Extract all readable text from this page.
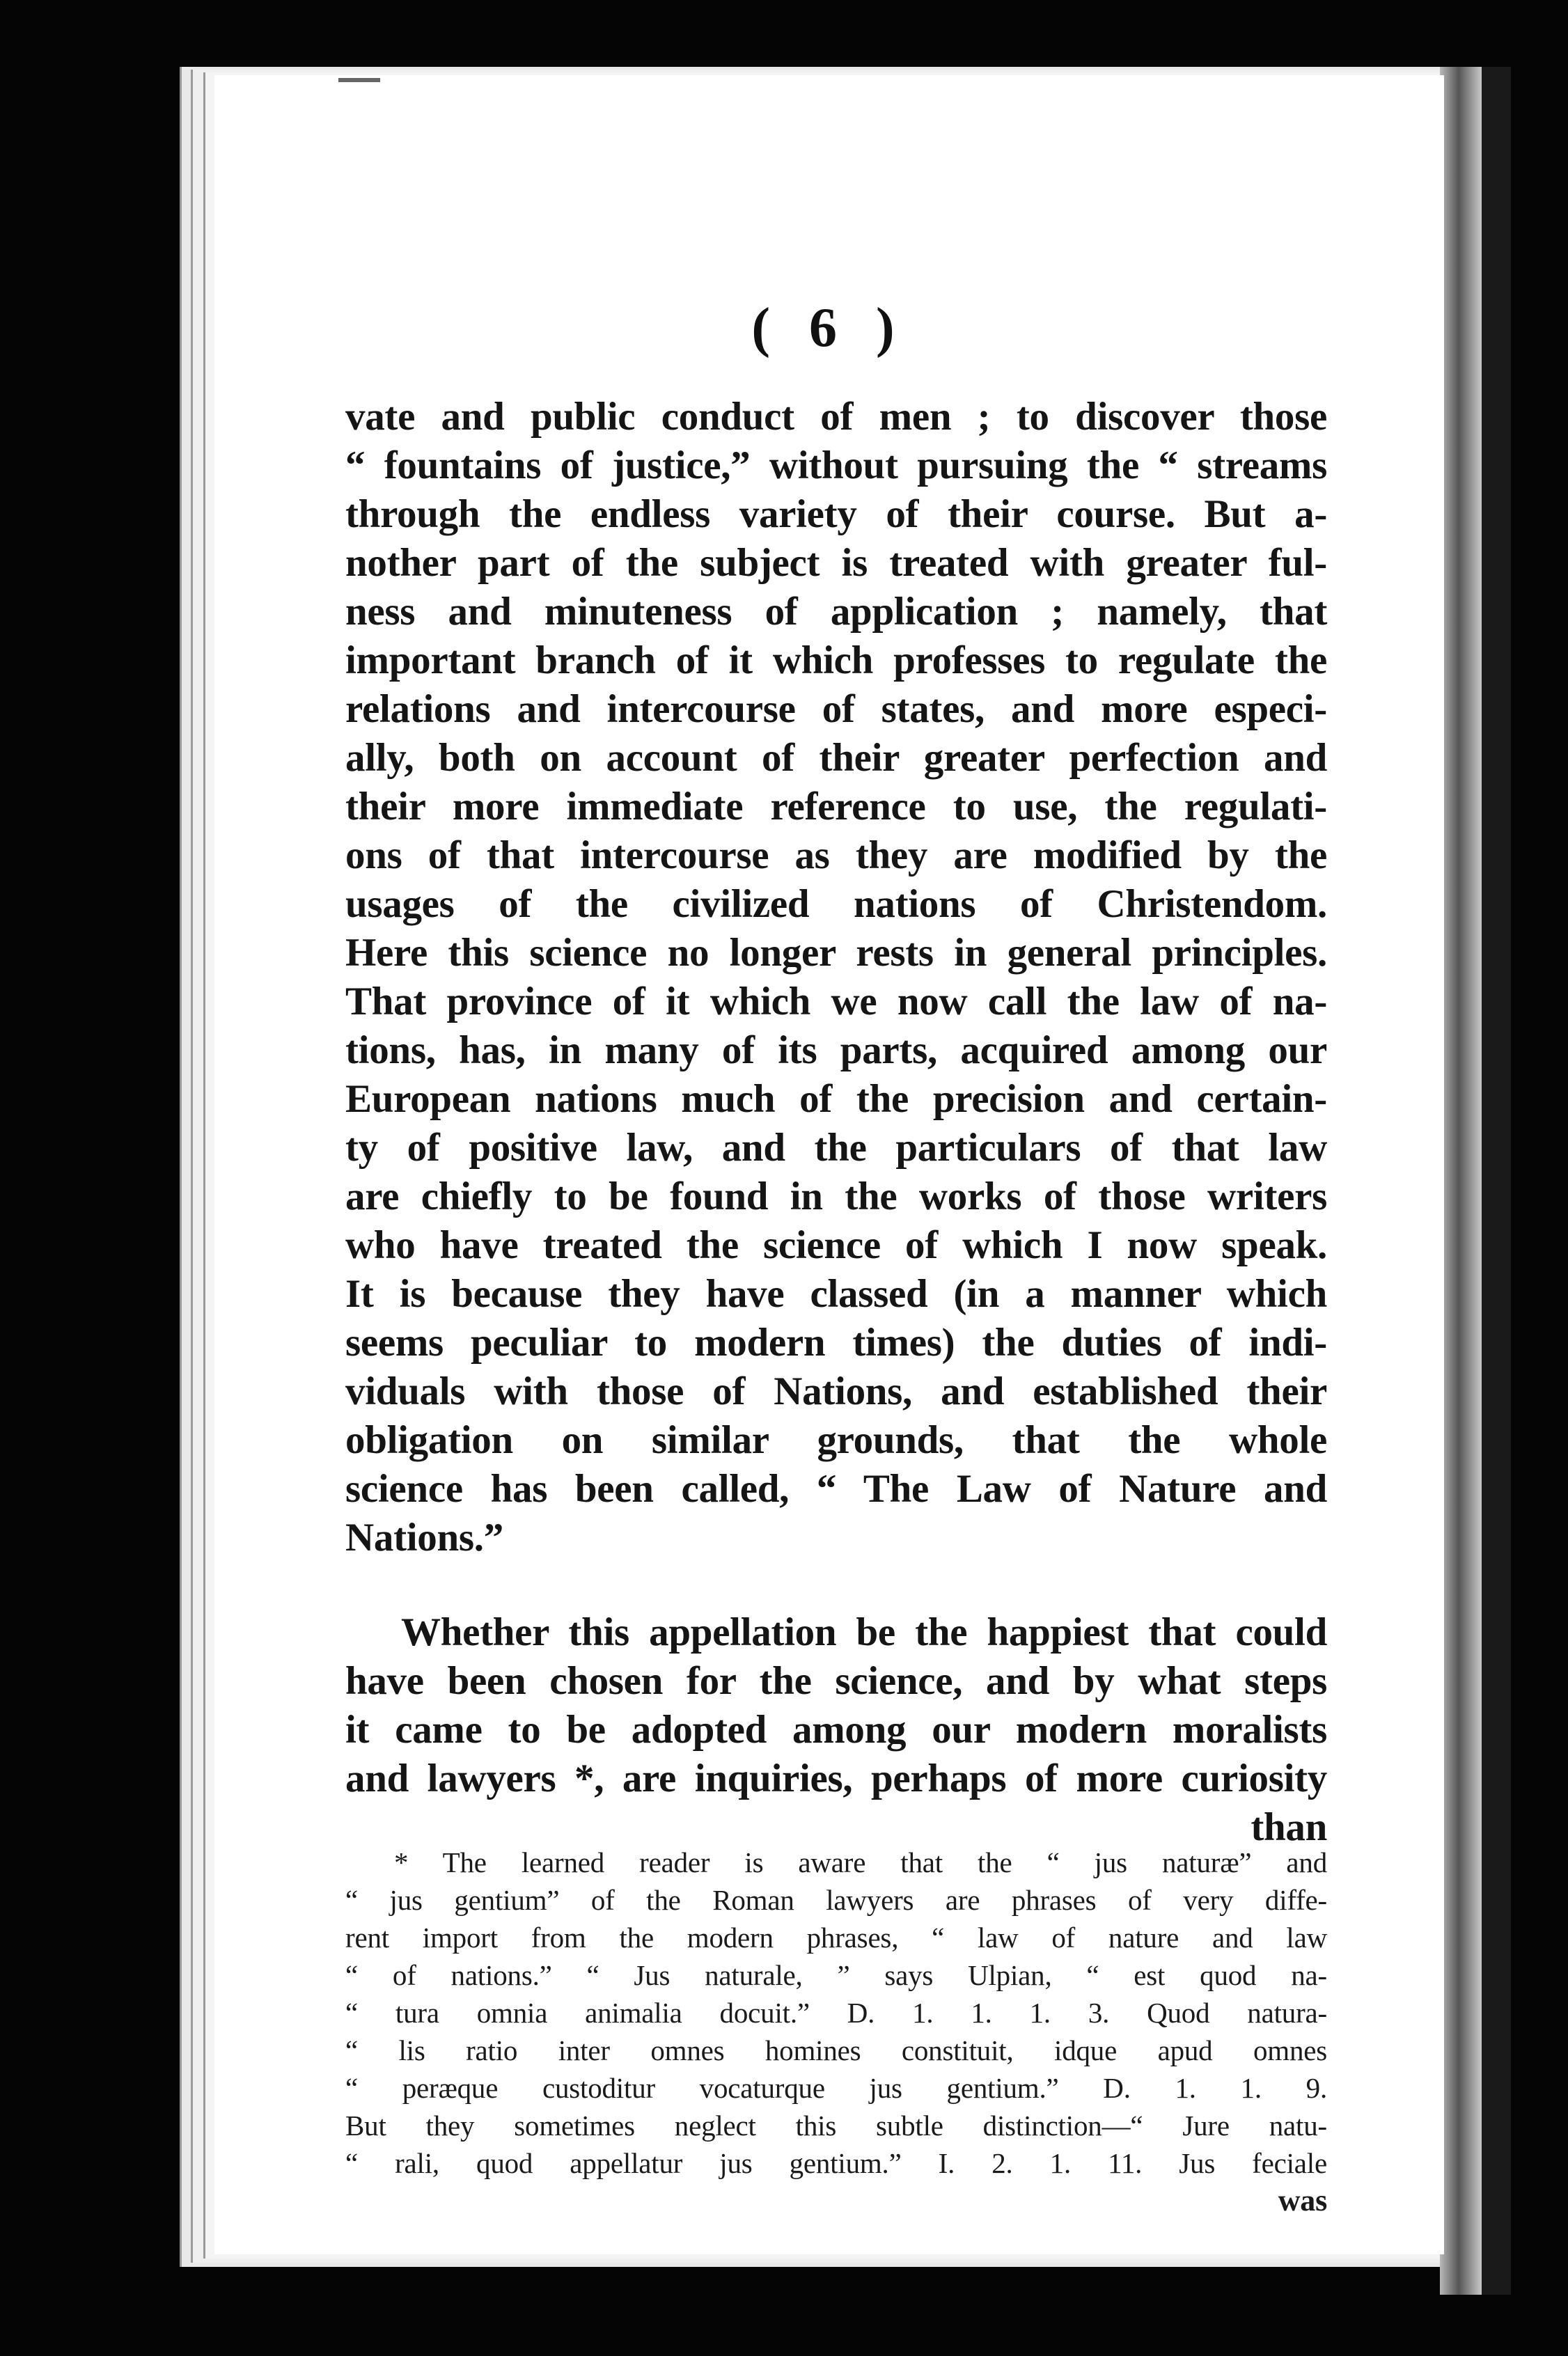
( 6 )
vate and public conduct of men ; to discover those
“ fountains of justice,” without pursuing the “ streams
through the endless variety of their course. But a-
nother part of the subject is treated with greater ful-
ness and minuteness of application ; namely, that
important branch of it which professes to regulate the
relations and intercourse of states, and more especi-
ally, both on account of their greater perfection and
their more immediate reference to use, the regulati-
ons of that intercourse as they are modified by the
usages of the civilized nations of Christendom.
Here this science no longer rests in general principles.
That province of it which we now call the law of na-
tions, has, in many of its parts, acquired among our
European nations much of the precision and certain-
ty of positive law, and the particulars of that law
are chiefly to be found in the works of those writers
who have treated the science of which I now speak.
It is because they have classed (in a manner which
seems peculiar to modern times) the duties of indi-
viduals with those of Nations, and established their
obligation on similar grounds, that the whole
science has been called, “ The Law of Nature and
Nations.”
Whether this appellation be the happiest that could
have been chosen for the science, and by what steps
it came to be adopted among our modern moralists
and lawyers *, are inquiries, perhaps of more curiosity
than
* The learned reader is aware that the “ jus naturæ” and
“ jus gentium” of the Roman lawyers are phrases of very diffe-
rent import from the modern phrases, “ law of nature and law
“ of nations.” “ Jus naturale, ” says Ulpian, “ est quod na-
“ tura omnia animalia docuit.” D. 1. 1. 1. 3. Quod natura-
“ lis ratio inter omnes homines constituit, idque apud omnes
“ peræque custoditur vocaturque jus gentium.” D. 1. 1. 9.
But they sometimes neglect this subtle distinction—“ Jure natu-
“ rali, quod appellatur jus gentium.” I. 2. 1. 11. Jus feciale
was
